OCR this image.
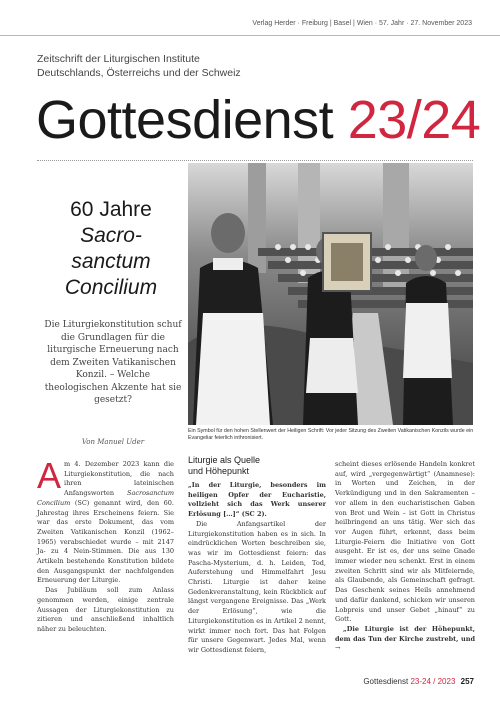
Verlag Herder · Freiburg | Basel | Wien · 57. Jahr · 27. November 2023
Zeitschrift der Liturgischen Institute
Deutschlands, Österreichs und der Schweiz
Gottesdienst 23/24
Ein Symbol für den hohen Stellenwert der Heiligen Schrift: Vor jeder Sitzung des Zweiten Vatikanischen Konzils wurde ein Evangeliar feierlich inthronisiert.
60 Jahre
Sacro-
sanctum
Concilium
Die Liturgiekonstitution schuf die Grundlagen für die liturgische Erneuerung nach dem Zweiten Vatikanischen Konzil. – Welche theologischen Akzente hat sie gesetzt?
Von Manuel Uder

Am 4. Dezember 2023 kann die Liturgiekonstitution, die nach ihren lateinischen Anfangsworten Sacrosanctum Concilium (SC) genannt wird, den 60. Jahrestag ihres Erscheinens feiern. Sie war das erste Dokument, das vom Zweiten Vatikanischen Konzil (1962–1965) verabschiedet wurde – mit 2147 Ja- zu 4 Nein-Stimmen. Die aus 130 Artikeln bestehende Konstitution bildete den Ausgangspunkt der nachfolgenden Erneuerung der Liturgie.

Das Jubiläum soll zum Anlass genommen werden, einige zentrale Aussagen der Liturgiekonstitution zu zitieren und anschließend inhaltlich näher zu beleuchten.

Liturgie als Quelle
und Höhepunkt

„In der Liturgie, besonders im heiligen Opfer der Eucharistie, vollzieht sich das Werk unserer Erlösung […]“ (SC 2).

Die Anfangsartikel der Liturgiekonstitution haben es in sich. In eindrücklichen Worten beschreiben sie, was wir im Gottesdienst feiern: das Pascha-Mysterium, d. h. Leiden, Tod, Auferstehung und Himmelfahrt Jesu Christi. Liturgie ist daher keine Gedenkveranstaltung, kein Rückblick auf längst vergangene Ereignisse. Das „Werk der Erlösung“, wie die Liturgiekonstitution es in Artikel 2 nennt, wirkt immer noch fort. Das hat Folgen für unsere Gegenwart. Jedes Mal, wenn wir Gottesdienst feiern,

scheint dieses erlösende Handeln konkret auf, wird „vergegenwärtigt“ (Anamnese): in Worten und Zeichen, in der Verkündigung und in den Sakramenten – vor allem in den eucharistischen Gaben von Brot und Wein – ist Gott in Christus heilbringend an uns tätig. Wer sich das vor Augen führt, erkennt, dass beim Liturgie-Feiern die Initiative von Gott ausgeht. Er ist es, der uns seine Gnade immer wieder neu schenkt. Erst in einem zweiten Schritt sind wir als Mitfeiernde, als Glaubende, als Gemeinschaft gefragt. Das Geschenk seines Heils annehmend und dafür dankend, schicken wir unseren Lobpreis und unser Gebet „hinauf“ zu Gott.

„Die Liturgie ist der Höhepunkt, dem das Tun der Kirche zustrebt, und →

Gottesdienst 23-24 / 2023 257
